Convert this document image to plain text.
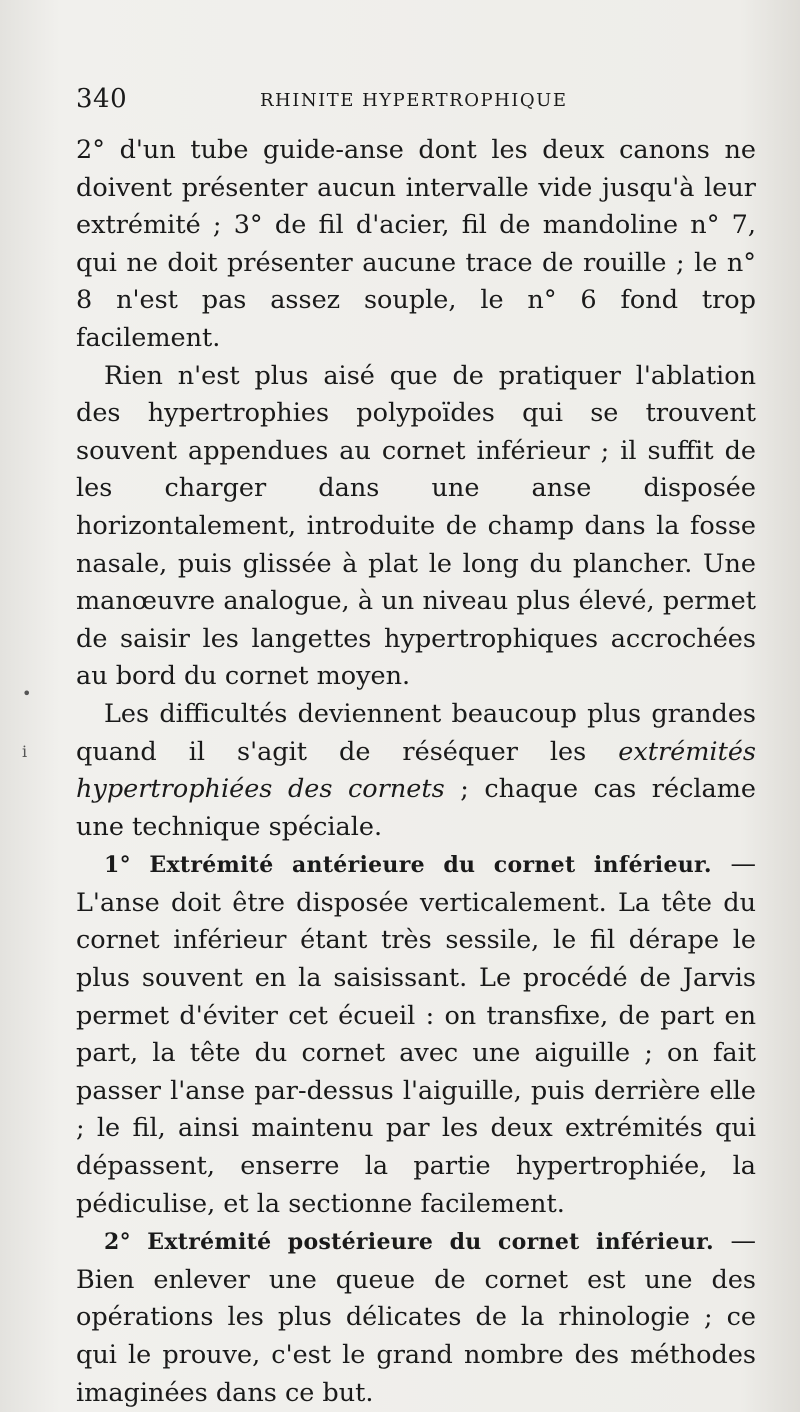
340	RHINITE HYPERTROPHIQUE
•
ⅰ

2° d'un tube guide-anse dont les deux canons ne doivent présenter aucun intervalle vide jusqu'à leur extrémité ; 3° de fil d'acier, fil de mandoline n° 7, qui ne doit présenter aucune trace de rouille ; le n° 8 n'est pas assez souple, le n° 6 fond trop facilement.

Rien n'est plus aisé que de pratiquer l'ablation des hypertrophies polypoïdes qui se trouvent souvent appendues au cornet inférieur ; il suffit de les charger dans une anse disposée horizontalement, introduite de champ dans la fosse nasale, puis glissée à plat le long du plancher. Une manœuvre analogue, à un niveau plus élevé, permet de saisir les langettes hypertrophiques accrochées au bord du cornet moyen.

Les difficultés deviennent beaucoup plus grandes quand il s'agit de réséquer les extrémités hypertrophiées des cornets ; chaque cas réclame une technique spéciale.

1° Extrémité antérieure du cornet inférieur. — L'anse doit être disposée verticalement. La tête du cornet inférieur étant très sessile, le fil dérape le plus souvent en la saisissant. Le procédé de Jarvis permet d'éviter cet écueil : on transfixe, de part en part, la tête du cornet avec une aiguille ; on fait passer l'anse par-dessus l'aiguille, puis derrière elle ; le fil, ainsi maintenu par les deux extrémités qui dépassent, enserre la partie hypertrophiée, la pédiculise, et la sectionne facilement.

2° Extrémité postérieure du cornet inférieur. — Bien enlever une queue de cornet est une des opérations les plus délicates de la rhinologie ; ce qui le prouve, c'est le grand nombre des méthodes imaginées dans ce but.
